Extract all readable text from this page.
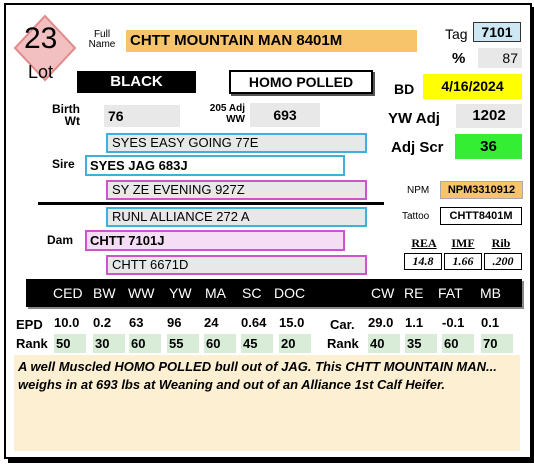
23
Lot
Full
Name CHTT MOUNTAIN MAN 8401M	Tag 7101
%	87
BLACK	HOMO POLLED	BD	4/16/2024
Birth
Wt 76	205 Adj
WW	693	YW Adj	1202
Adj Scr	36
SYES EASY GOING 77E
Sire	SYES JAG 683J
SY ZE EVENING 927Z	NPM	NPM3310912
RUNL ALLIANCE 272 A
Dam	CHTT 7101J
CHTT 6671D
Tattoo	CHTT8401M
REA	IMF	Rib
14.8	1.66	.200
CED BW WW YW MA SC DOC	CW RE FAT MB
EPD 10.0 0.2 63 96 24 0.64 15.0 Car. 29.0 1.1 -0.1 0.1
Rank 50	30	60	55	60	45	20	Rank 40	35	60	70
A well Muscled HOMO POLLED bull out of JAG. This CHTT MOUNTAIN MAN... weighs in at 693 lbs at Weaning and out of an Alliance 1st Calf Heifer.
